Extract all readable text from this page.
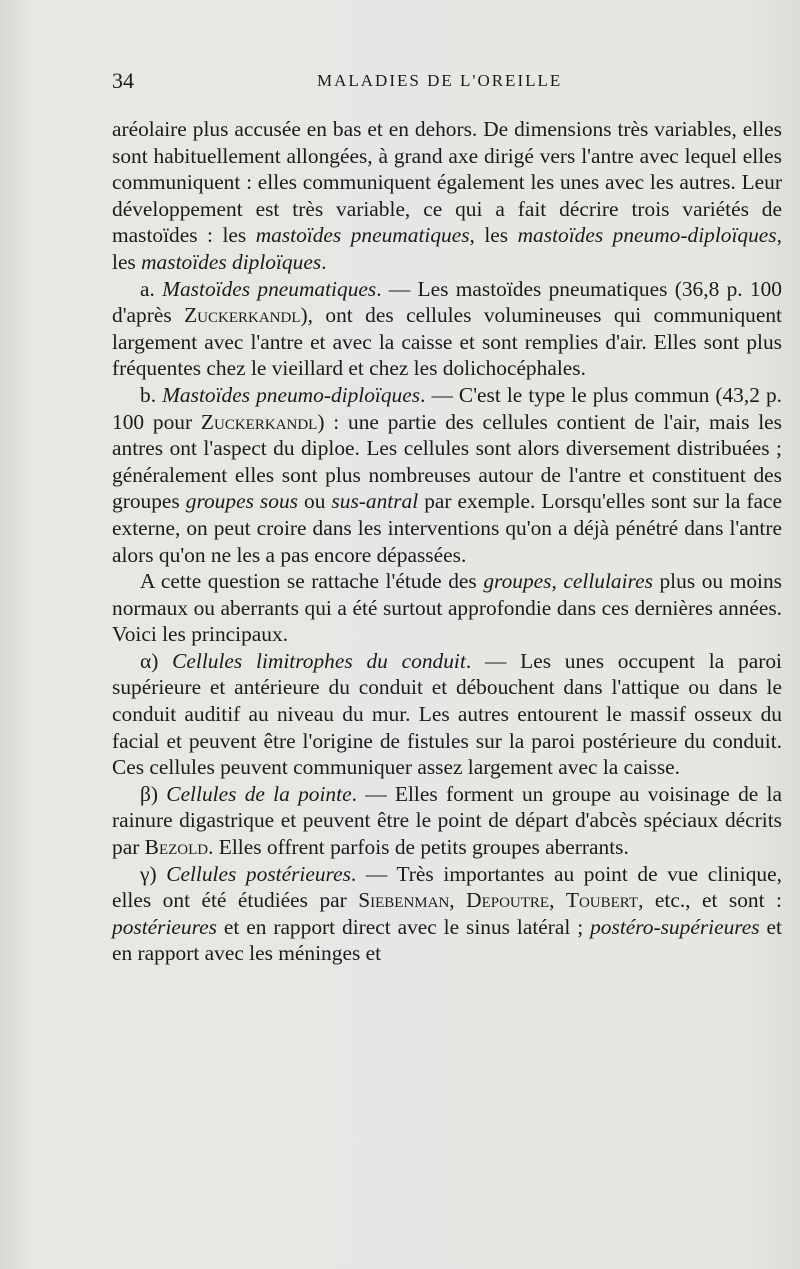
34	MALADIES DE L'OREILLE

aréolaire plus accusée en bas et en dehors. De dimensions très variables, elles sont habituellement allongées, à grand axe dirigé vers l'antre avec lequel elles communiquent : elles communiquent également les unes avec les autres. Leur développement est très variable, ce qui a fait décrire trois variétés de mastoïdes : les mastoïdes pneumatiques, les mastoïdes pneumo-diploïques, les mastoïdes diploïques.

a. Mastoïdes pneumatiques. — Les mastoïdes pneumatiques (36,8 p. 100 d'après Zuckerkandl), ont des cellules volumineuses qui communiquent largement avec l'antre et avec la caisse et sont remplies d'air. Elles sont plus fréquentes chez le vieillard et chez les dolichocéphales.

b. Mastoïdes pneumo-diploïques. — C'est le type le plus commun (43,2 p. 100 pour Zuckerkandl) : une partie des cellules contient de l'air, mais les antres ont l'aspect du diploe. Les cellules sont alors diversement distribuées ; généralement elles sont plus nombreuses autour de l'antre et constituent des groupes groupes sous ou sus-antral par exemple. Lorsqu'elles sont sur la face externe, on peut croire dans les interventions qu'on a déjà pénétré dans l'antre alors qu'on ne les a pas encore dépassées.

A cette question se rattache l'étude des groupes, cellulaires plus ou moins normaux ou aberrants qui a été surtout approfondie dans ces dernières années. Voici les principaux.

α) Cellules limitrophes du conduit. — Les unes occupent la paroi supérieure et antérieure du conduit et débouchent dans l'attique ou dans le conduit auditif au niveau du mur. Les autres entourent le massif osseux du facial et peuvent être l'origine de fistules sur la paroi postérieure du conduit. Ces cellules peuvent communiquer assez largement avec la caisse.

β) Cellules de la pointe. — Elles forment un groupe au voisinage de la rainure digastrique et peuvent être le point de départ d'abcès spéciaux décrits par Bezold. Elles offrent parfois de petits groupes aberrants.

γ) Cellules postérieures. — Très importantes au point de vue clinique, elles ont été étudiées par Siebenman, Depoutre, Toubert, etc., et sont : postérieures et en rapport direct avec le sinus latéral ; postéro-supérieures et en rapport avec les méninges et
